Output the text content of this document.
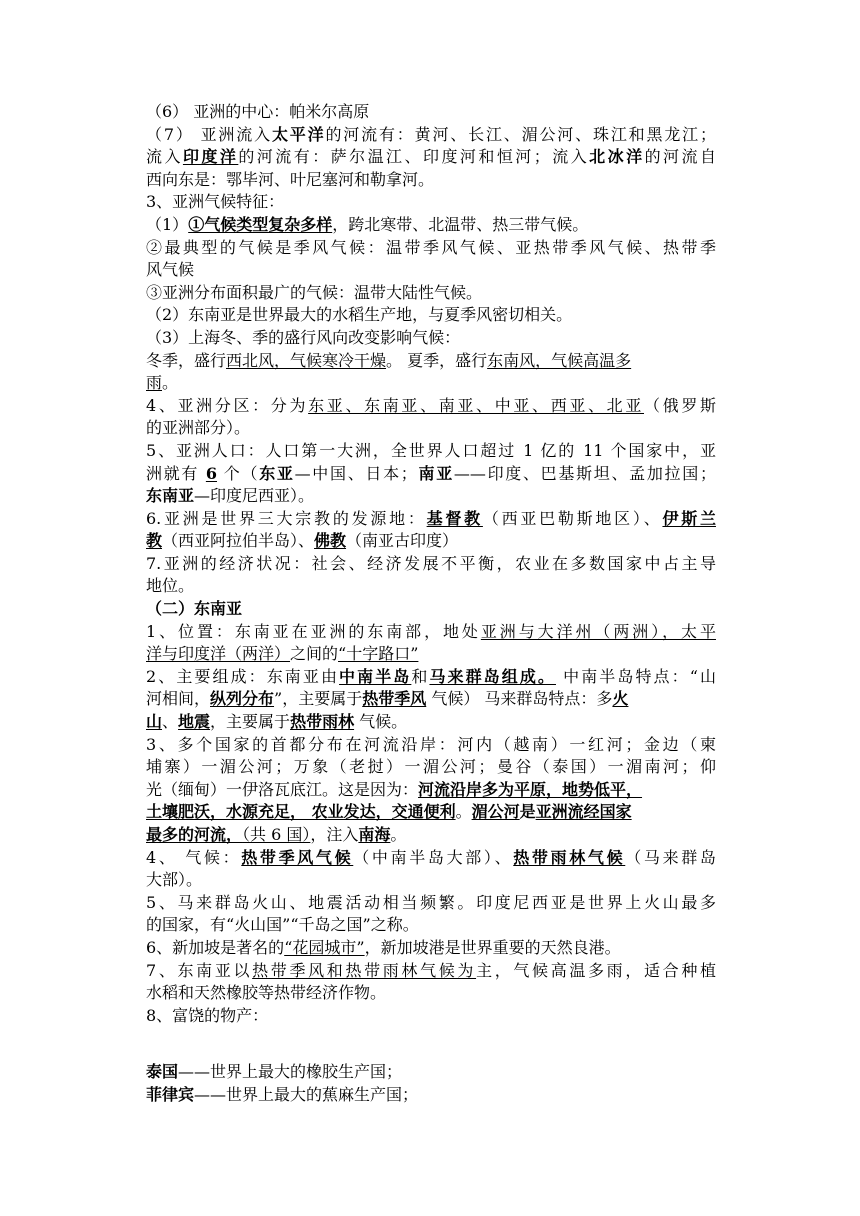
（6） 亚洲的中心：帕米尔高原
（7） 亚洲流入太平洋的河流有：黄河、长江、湄公河、珠江和黑龙江；
流入印度洋的河流有：萨尔温江、印度河和恒河；流入北冰洋的河流自
西向东是：鄂毕河、叶尼塞河和勒拿河。
3、亚洲气候特征：
（1）①气候类型复杂多样，跨北寒带、北温带、热三带气候。
②最典型的气候是季风气候：温带季风气候、亚热带季风气候、热带季
风气候
③亚洲分布面积最广的气候：温带大陆性气候。
（2）东南亚是世界最大的水稻生产地，与夏季风密切相关。
（3）上海冬、季的盛行风向改变影响气候：
冬季，盛行西北风，气候寒冷干燥。 夏季，盛行东南风，气候高温多
雨。
4、亚洲分区：分为东亚、东南亚、南亚、中亚、西亚、北亚（俄罗斯
的亚洲部分）。
5、亚洲人口：人口第一大洲，全世界人口超过 1 亿的 11 个国家中，亚
洲就有 6 个（东亚—中国、日本；南亚——印度、巴基斯坦、孟加拉国；
东南亚—印度尼西亚）。
6.亚洲是世界三大宗教的发源地：基督教（西亚巴勒斯地区）、伊斯兰
教（西亚阿拉伯半岛）、佛教（南亚古印度）
7.亚洲的经济状况：社会、经济发展不平衡，农业在多数国家中占主导
地位。
（二）东南亚
1、位置：东南亚在亚洲的东南部，地处亚洲与大洋州（两洲），太平
洋与印度洋（两洋）之间的“十字路口”
2、主要组成：东南亚由中南半岛和马来群岛组成。 中南半岛特点：“山
河相间，纵列分布”，主要属于热带季风 气候） 马来群岛特点：多火
山、地震，主要属于热带雨林 气候。
3、多个国家的首都分布在河流沿岸：河内（越南）一红河；金边（柬
埔寨）一湄公河；万象（老挝）一湄公河；曼谷（泰国）一湄南河；仰
光（缅甸）一伊洛瓦底江。这是因为：河流沿岸多为平原，地势低平，
土壤肥沃，水源充足， 农业发达，交通便利。湄公河是亚洲流经国家
最多的河流，（共 6 国），注入南海。
4、 气候：热带季风气候（中南半岛大部）、热带雨林气候（马来群岛
大部）。
5、马来群岛火山、地震活动相当频繁。印度尼西亚是世界上火山最多
的国家，有“火山国”“千岛之国”之称。
6、新加坡是著名的“花园城市”，新加坡港是世界重要的天然良港。
7、东南亚以热带季风和热带雨林气候为主，气候高温多雨，适合种植
水稻和天然橡胶等热带经济作物。
8、富饶的物产：
泰国——世界上最大的橡胶生产国；
菲律宾——世界上最大的蕉麻生产国；
